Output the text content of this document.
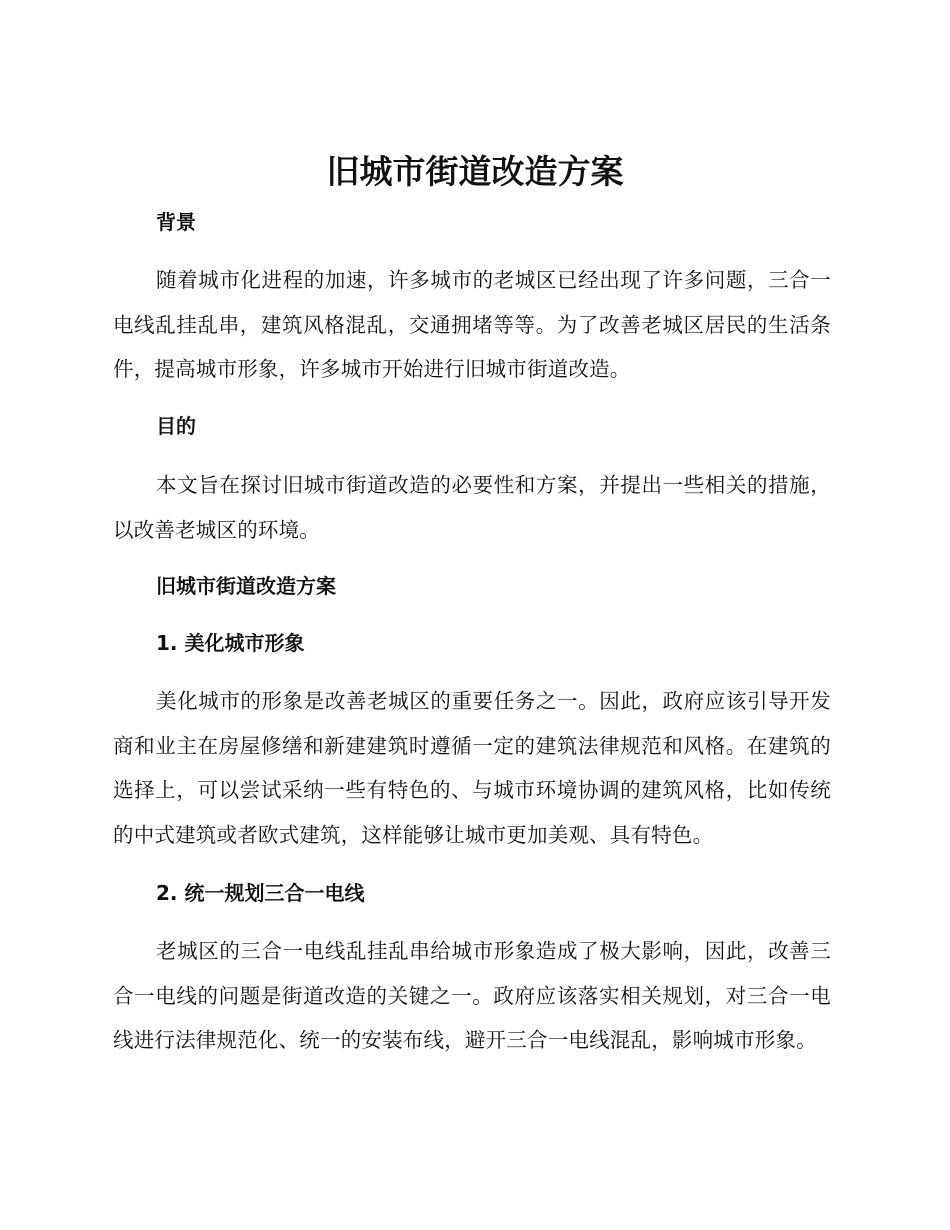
旧城市街道改造方案
背景
随着城市化进程的加速，许多城市的老城区已经出现了许多问题，三合一电线乱挂乱串，建筑风格混乱，交通拥堵等等。为了改善老城区居民的生活条件，提高城市形象，许多城市开始进行旧城市街道改造。
目的
本文旨在探讨旧城市街道改造的必要性和方案，并提出一些相关的措施，以改善老城区的环境。
旧城市街道改造方案
1. 美化城市形象
美化城市的形象是改善老城区的重要任务之一。因此，政府应该引导开发商和业主在房屋修缮和新建建筑时遵循一定的建筑法律规范和风格。在建筑的选择上，可以尝试采纳一些有特色的、与城市环境协调的建筑风格，比如传统的中式建筑或者欧式建筑，这样能够让城市更加美观、具有特色。
2. 统一规划三合一电线
老城区的三合一电线乱挂乱串给城市形象造成了极大影响，因此，改善三合一电线的问题是街道改造的关键之一。政府应该落实相关规划，对三合一电线进行法律规范化、统一的安装布线，避开三合一电线混乱，影响城市形象。
